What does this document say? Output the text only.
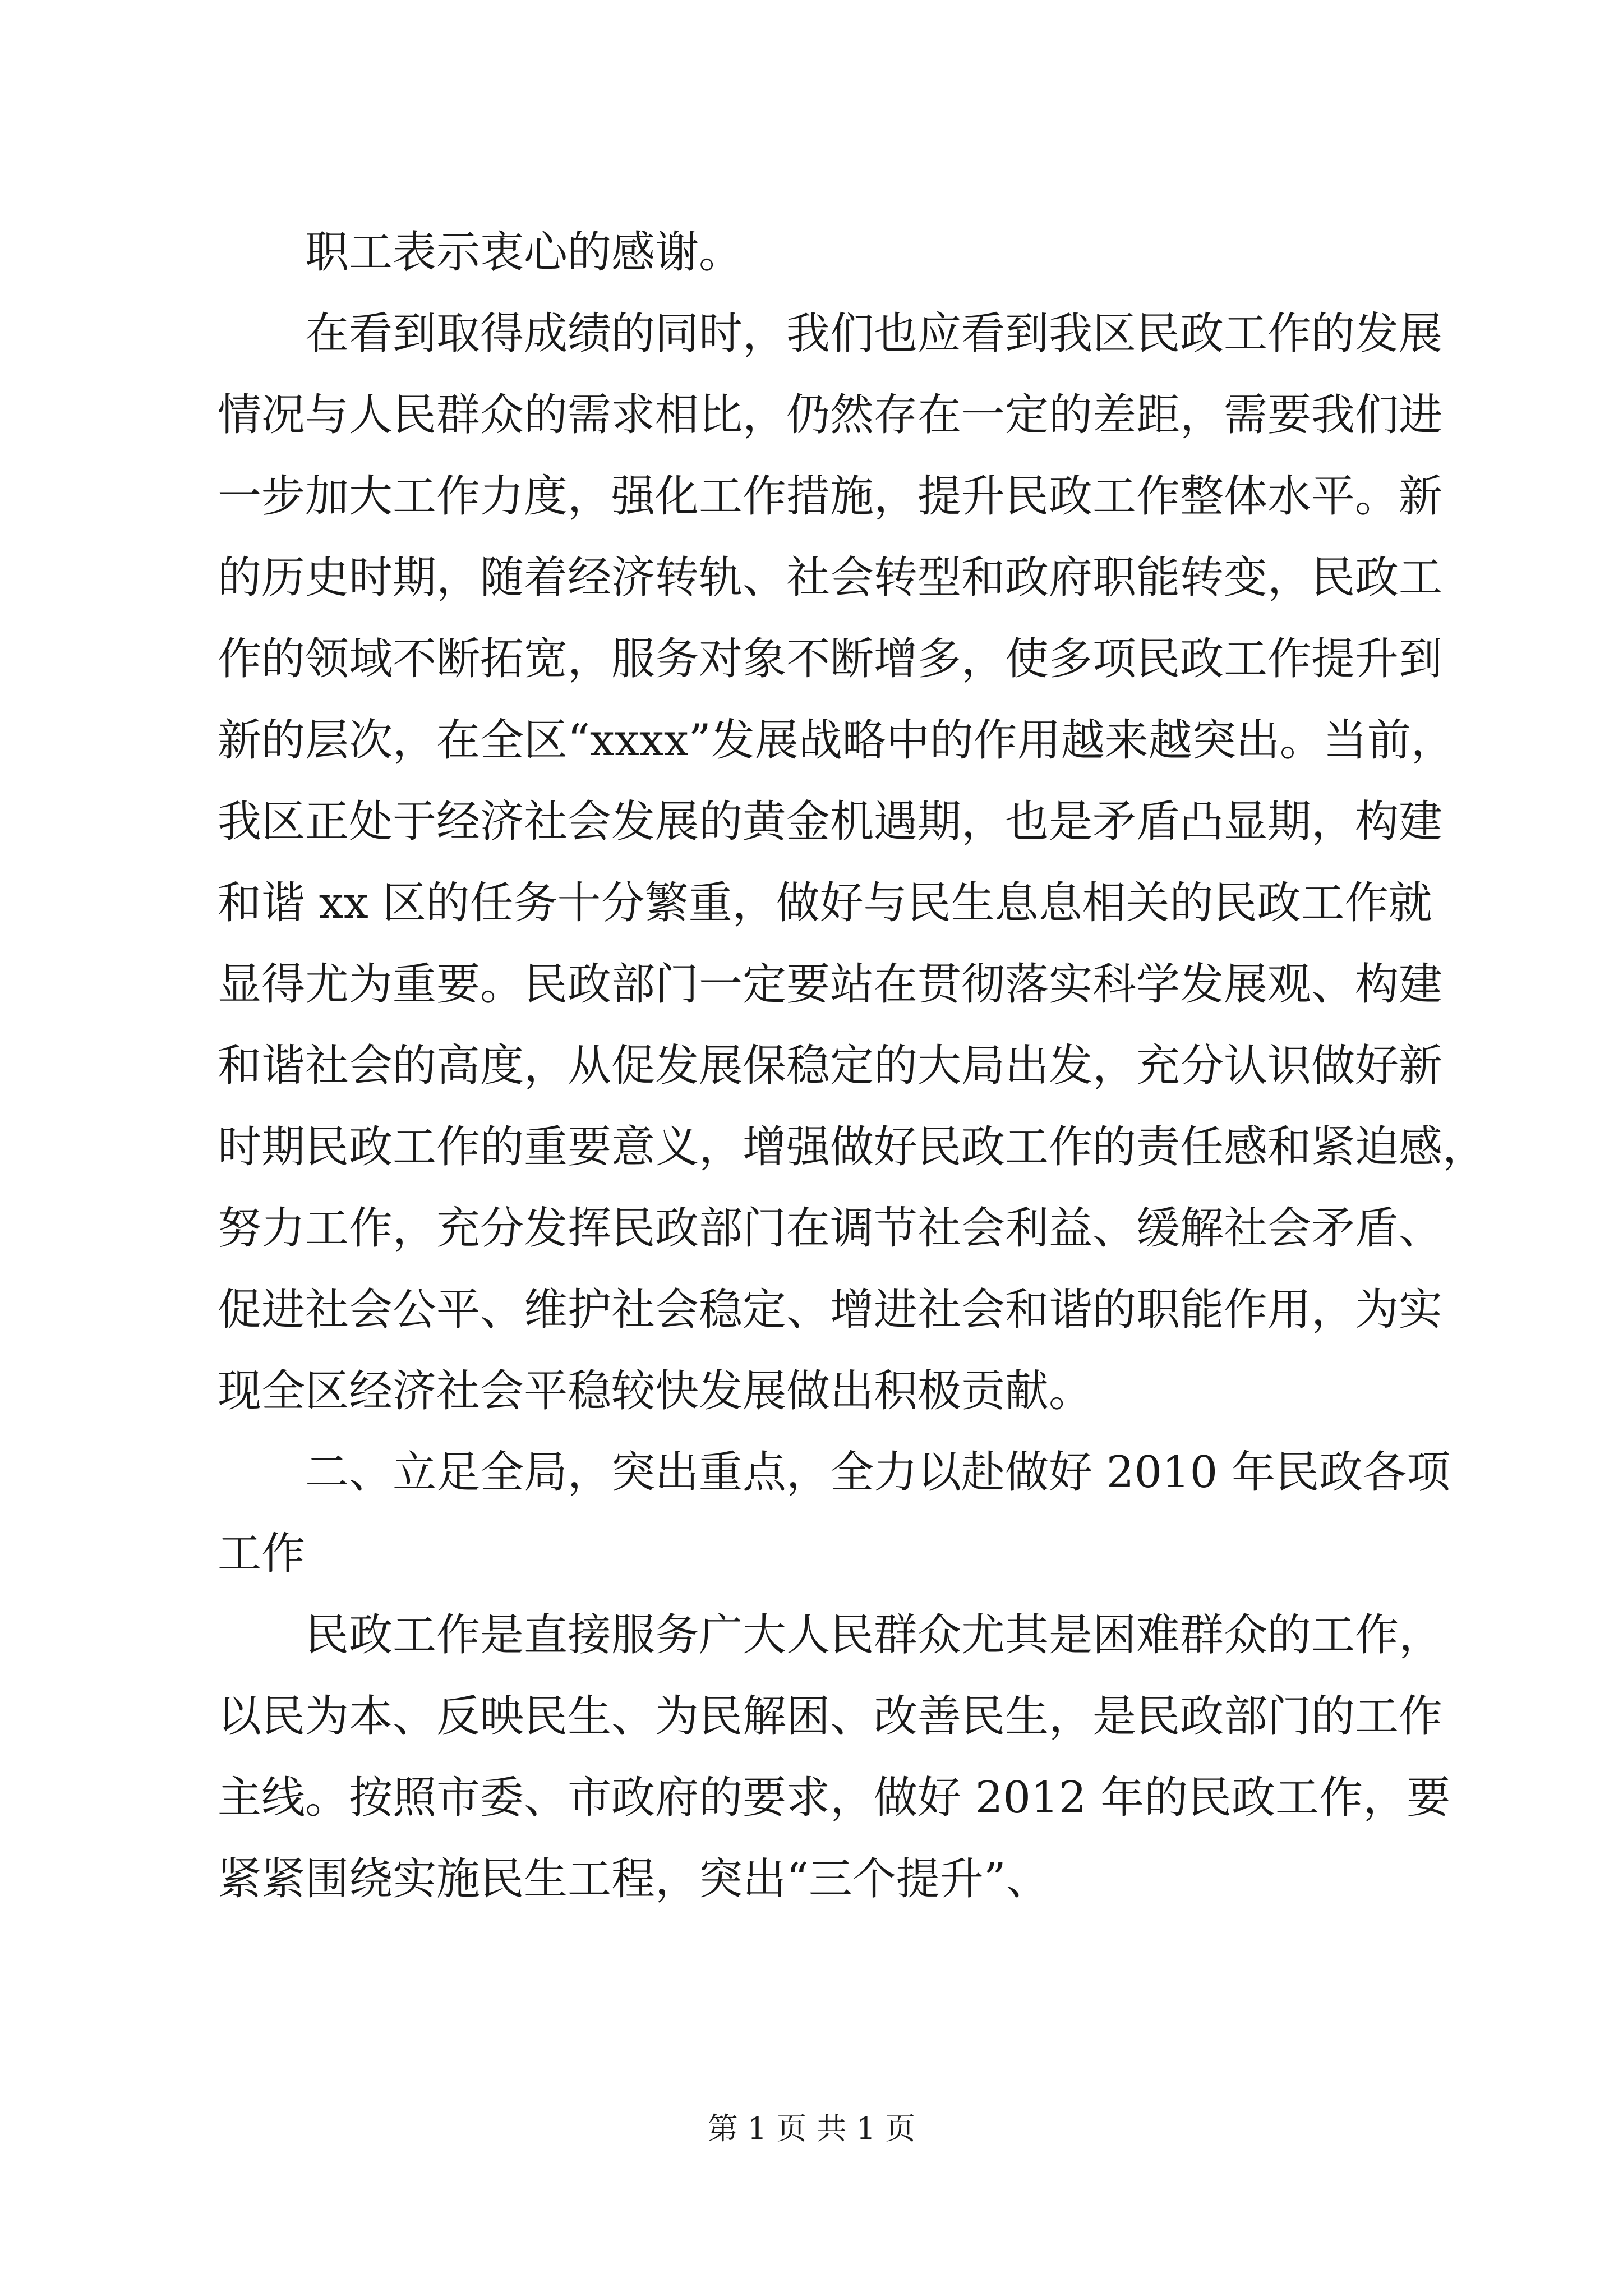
职工表示衷心的感谢。
在看到取得成绩的同时，我们也应看到我区民政工作的发展
情况与人民群众的需求相比，仍然存在一定的差距，需要我们进
一步加大工作力度，强化工作措施，提升民政工作整体水平。新
的历史时期，随着经济转轨、社会转型和政府职能转变，民政工
作的领域不断拓宽，服务对象不断增多，使多项民政工作提升到
新的层次，在全区“xxxx”发展战略中的作用越来越突出。当前，
我区正处于经济社会发展的黄金机遇期，也是矛盾凸显期，构建
和谐 xx 区的任务十分繁重，做好与民生息息相关的民政工作就
显得尤为重要。民政部门一定要站在贯彻落实科学发展观、构建
和谐社会的高度，从促发展保稳定的大局出发，充分认识做好新
时期民政工作的重要意义，增强做好民政工作的责任感和紧迫感，
努力工作，充分发挥民政部门在调节社会利益、缓解社会矛盾、
促进社会公平、维护社会稳定、增进社会和谐的职能作用，为实
现全区经济社会平稳较快发展做出积极贡献。
二、立足全局，突出重点，全力以赴做好 2010 年民政各项
工作
民政工作是直接服务广大人民群众尤其是困难群众的工作，
以民为本、反映民生、为民解困、改善民生，是民政部门的工作
主线。按照市委、市政府的要求，做好 2012 年的民政工作，要
紧紧围绕实施民生工程，突出“三个提升”、
第 1 页 共 1 页
